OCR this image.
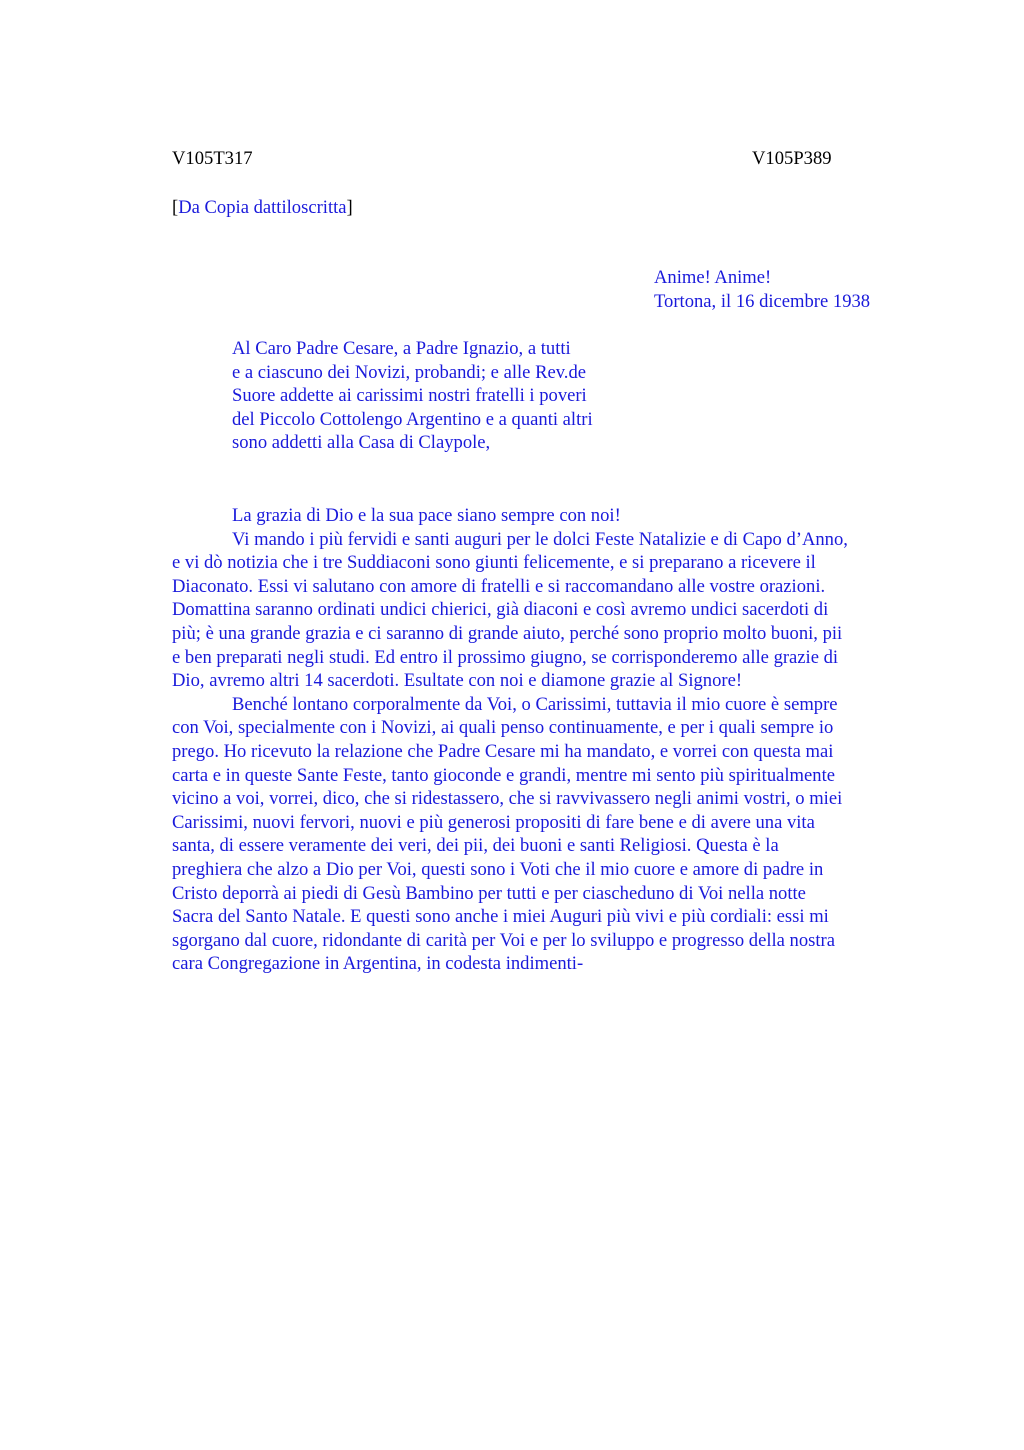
V105T317	V105P389
[Da Copia dattiloscritta]
Anime! Anime!
Tortona, il 16 dicembre 1938
Al Caro Padre Cesare, a Padre Ignazio, a tutti
e a ciascuno dei Novizi, probandi; e alle Rev.de
Suore addette ai carissimi nostri fratelli i poveri
del Piccolo Cottolengo Argentino e a quanti altri
sono addetti alla Casa di Claypole,
La grazia di Dio e la sua pace siano sempre con noi!
Vi mando i più fervidi e santi auguri per le dolci Feste Natalizie e di Capo d’Anno,
e vi dò notizia che i tre Suddiaconi sono giunti felicemente, e si preparano a ricevere il
Diaconato. Essi vi salutano con amore di fratelli e si raccomandano alle vostre orazioni.
Domattina saranno ordinati undici chierici, già diaconi e così avremo undici sacerdoti di
più; è una grande grazia e ci saranno di grande aiuto, perché sono proprio molto buoni, pii
e ben preparati negli studi. Ed entro il prossimo giugno, se corrisponderemo alle grazie di
Dio, avremo altri 14 sacerdoti. Esultate con noi e diamone grazie al Signore!
Benché lontano corporalmente da Voi, o Carissimi, tuttavia il mio cuore è sempre
con Voi, specialmente con i Novizi, ai quali penso continuamente, e per i quali sempre io
prego. Ho ricevuto la relazione che Padre Cesare mi ha mandato, e vorrei con questa mai
carta e in queste Sante Feste, tanto gioconde e grandi, mentre mi sento più spiritualmente
vicino a voi, vorrei, dico, che si ridestassero, che si ravvivassero negli animi vostri, o miei
Carissimi, nuovi fervori, nuovi e più generosi propositi di fare bene e di avere una vita
santa, di essere veramente dei veri, dei pii, dei buoni e santi Religiosi. Questa è la
preghiera che alzo a Dio per Voi, questi sono i Voti che il mio cuore e amore di padre in
Cristo deporrà ai piedi di Gesù Bambino per tutti e per ciascheduno di Voi nella notte
Sacra del Santo Natale. E questi sono anche i miei Auguri più vivi e più cordiali: essi mi
sgorgano dal cuore, ridondante di carità per Voi e per lo sviluppo e progresso della nostra
cara Congregazione in Argentina, in codesta indimenti-
